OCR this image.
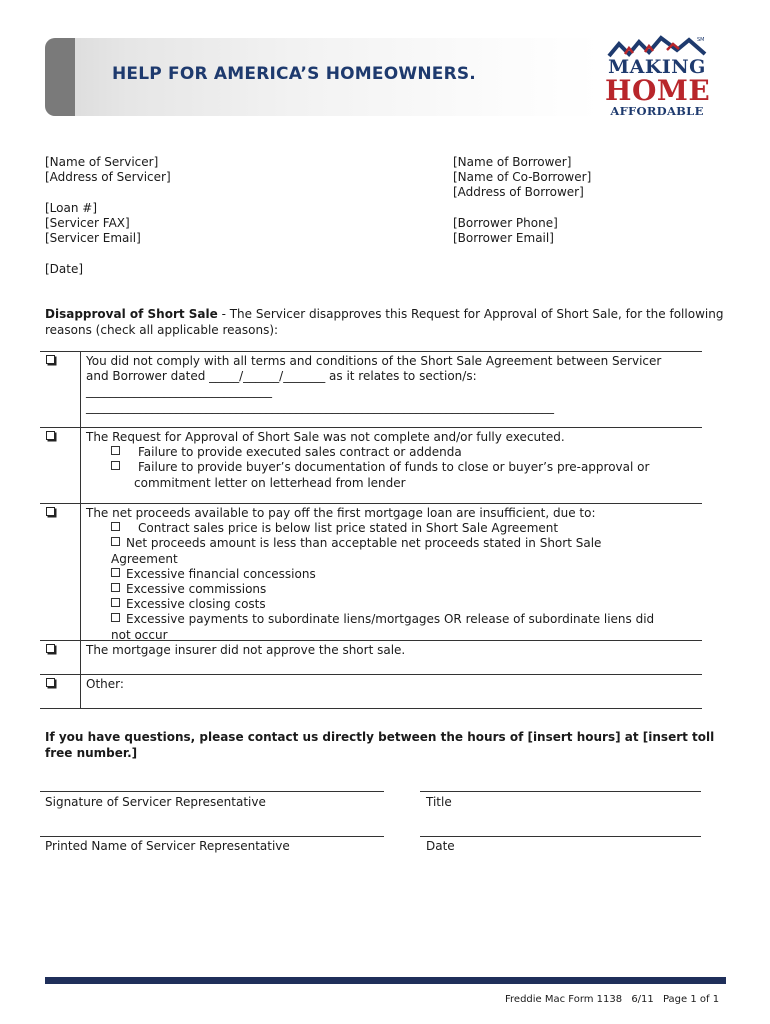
HELP FOR AMERICA’S HOMEOWNERS.
SM
MAKING
HOME
AFFORDABLE
[Name of Servicer]
[Address of Servicer]
[Loan #]
[Servicer FAX]
[Servicer Email]
[Date]
[Name of Borrower]
[Name of Co-Borrower]
[Address of Borrower]
[Borrower Phone]
[Borrower Email]
Disapproval of Short Sale - The Servicer disapproves this Request for Approval of Short Sale, for the following reasons (check all applicable reasons):
You did not comply with all terms and conditions of the Short Sale Agreement between Servicer
and Borrower dated _____/______/_______ as it relates to section/s:
_______________________________
______________________________________________________________________________
The Request for Approval of Short Sale was not complete and/or fully executed.
Failure to provide executed sales contract or addenda
Failure to provide buyer’s documentation of funds to close or buyer’s pre-approval or
commitment letter on letterhead from lender
The net proceeds available to pay off the first mortgage loan are insufficient, due to:
Contract sales price is below list price stated in Short Sale Agreement
Net proceeds amount is less than acceptable net proceeds stated in Short Sale
Agreement
Excessive financial concessions
Excessive commissions
Excessive closing costs
Excessive payments to subordinate liens/mortgages OR release of subordinate liens did
not occur
The mortgage insurer did not approve the short sale.
Other:
If you have questions, please contact us directly between the hours of [insert hours] at [insert toll free number.]
Signature of Servicer Representative	Title
Printed Name of Servicer Representative	Date
Freddie Mac Form 1138 6/11 Page 1 of 1
